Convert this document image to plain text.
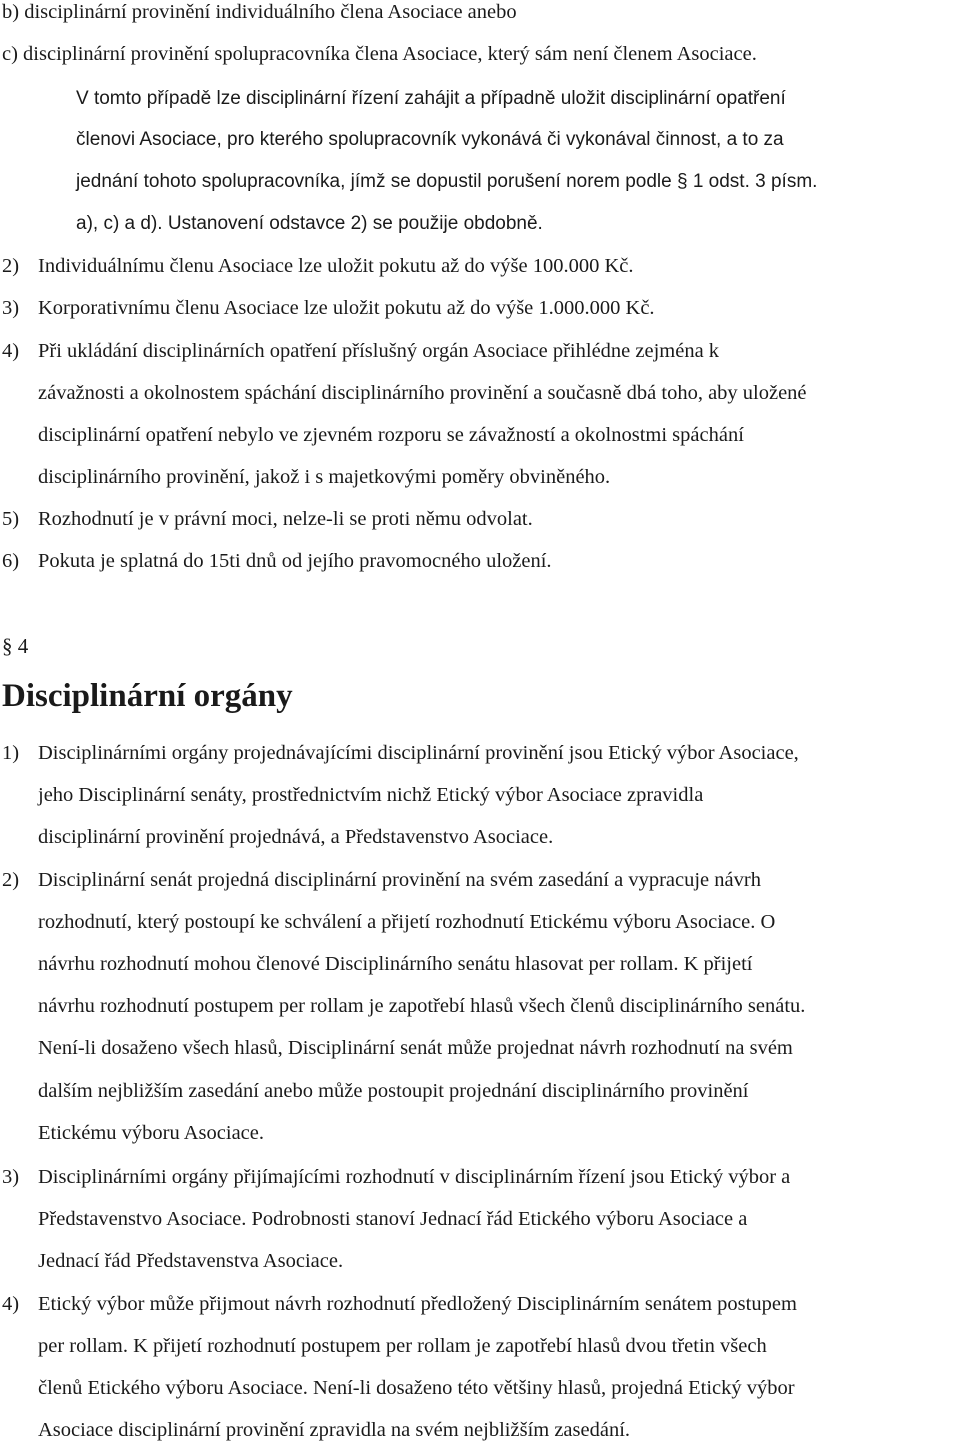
b) disciplinární provinění individuálního člena Asociace anebo
c) disciplinární provinění spolupracovníka člena Asociace, který sám není členem Asociace.
V tomto případě lze disciplinární řízení zahájit a případně uložit disciplinární opatření
členovi Asociace, pro kterého spolupracovník vykonává či vykonával činnost, a to za
jednání tohoto spolupracovníka, jímž se dopustil porušení norem podle § 1 odst. 3 písm.
a), c) a d). Ustanovení odstavce 2) se použije obdobně.
2) Individuálnímu členu Asociace lze uložit pokutu až do výše 100.000 Kč.
3) Korporativnímu členu Asociace lze uložit pokutu až do výše 1.000.000 Kč.
4) Při ukládání disciplinárních opatření příslušný orgán Asociace přihlédne zejména k
závažnosti a okolnostem spáchání disciplinárního provinění a současně dbá toho, aby uložené
disciplinární opatření nebylo ve zjevném rozporu se závažností a okolnostmi spáchání
disciplinárního provinění, jakož i s majetkovými poměry obviněného.
5) Rozhodnutí je v právní moci, nelze-li se proti němu odvolat.
6) Pokuta je splatná do 15ti dnů od jejího pravomocného uložení.
§ 4
Disciplinární orgány
1) Disciplinárními orgány projednávajícími disciplinární provinění jsou Etický výbor Asociace,
jeho Disciplinární senáty, prostřednictvím nichž Etický výbor Asociace zpravidla
disciplinární provinění projednává, a Představenstvo Asociace.
2) Disciplinární senát projedná disciplinární provinění na svém zasedání a vypracuje návrh
rozhodnutí, který postoupí ke schválení a přijetí rozhodnutí Etickému výboru Asociace. O
návrhu rozhodnutí mohou členové Disciplinárního senátu hlasovat per rollam. K přijetí
návrhu rozhodnutí postupem per rollam je zapotřebí hlasů všech členů disciplinárního senátu.
Není-li dosaženo všech hlasů, Disciplinární senát může projednat návrh rozhodnutí na svém
dalším nejbližším zasedání anebo může postoupit projednání disciplinárního provinění
Etickému výboru Asociace.
3) Disciplinárními orgány přijímajícími rozhodnutí v disciplinárním řízení jsou Etický výbor a
Představenstvo Asociace. Podrobnosti stanoví Jednací řád Etického výboru Asociace a
Jednací řád Představenstva Asociace.
4) Etický výbor může přijmout návrh rozhodnutí předložený Disciplinárním senátem postupem
per rollam. K přijetí rozhodnutí postupem per rollam je zapotřebí hlasů dvou třetin všech
členů Etického výboru Asociace. Není-li dosaženo této většiny hlasů, projedná Etický výbor
Asociace disciplinární provinění zpravidla na svém nejbližším zasedání.
